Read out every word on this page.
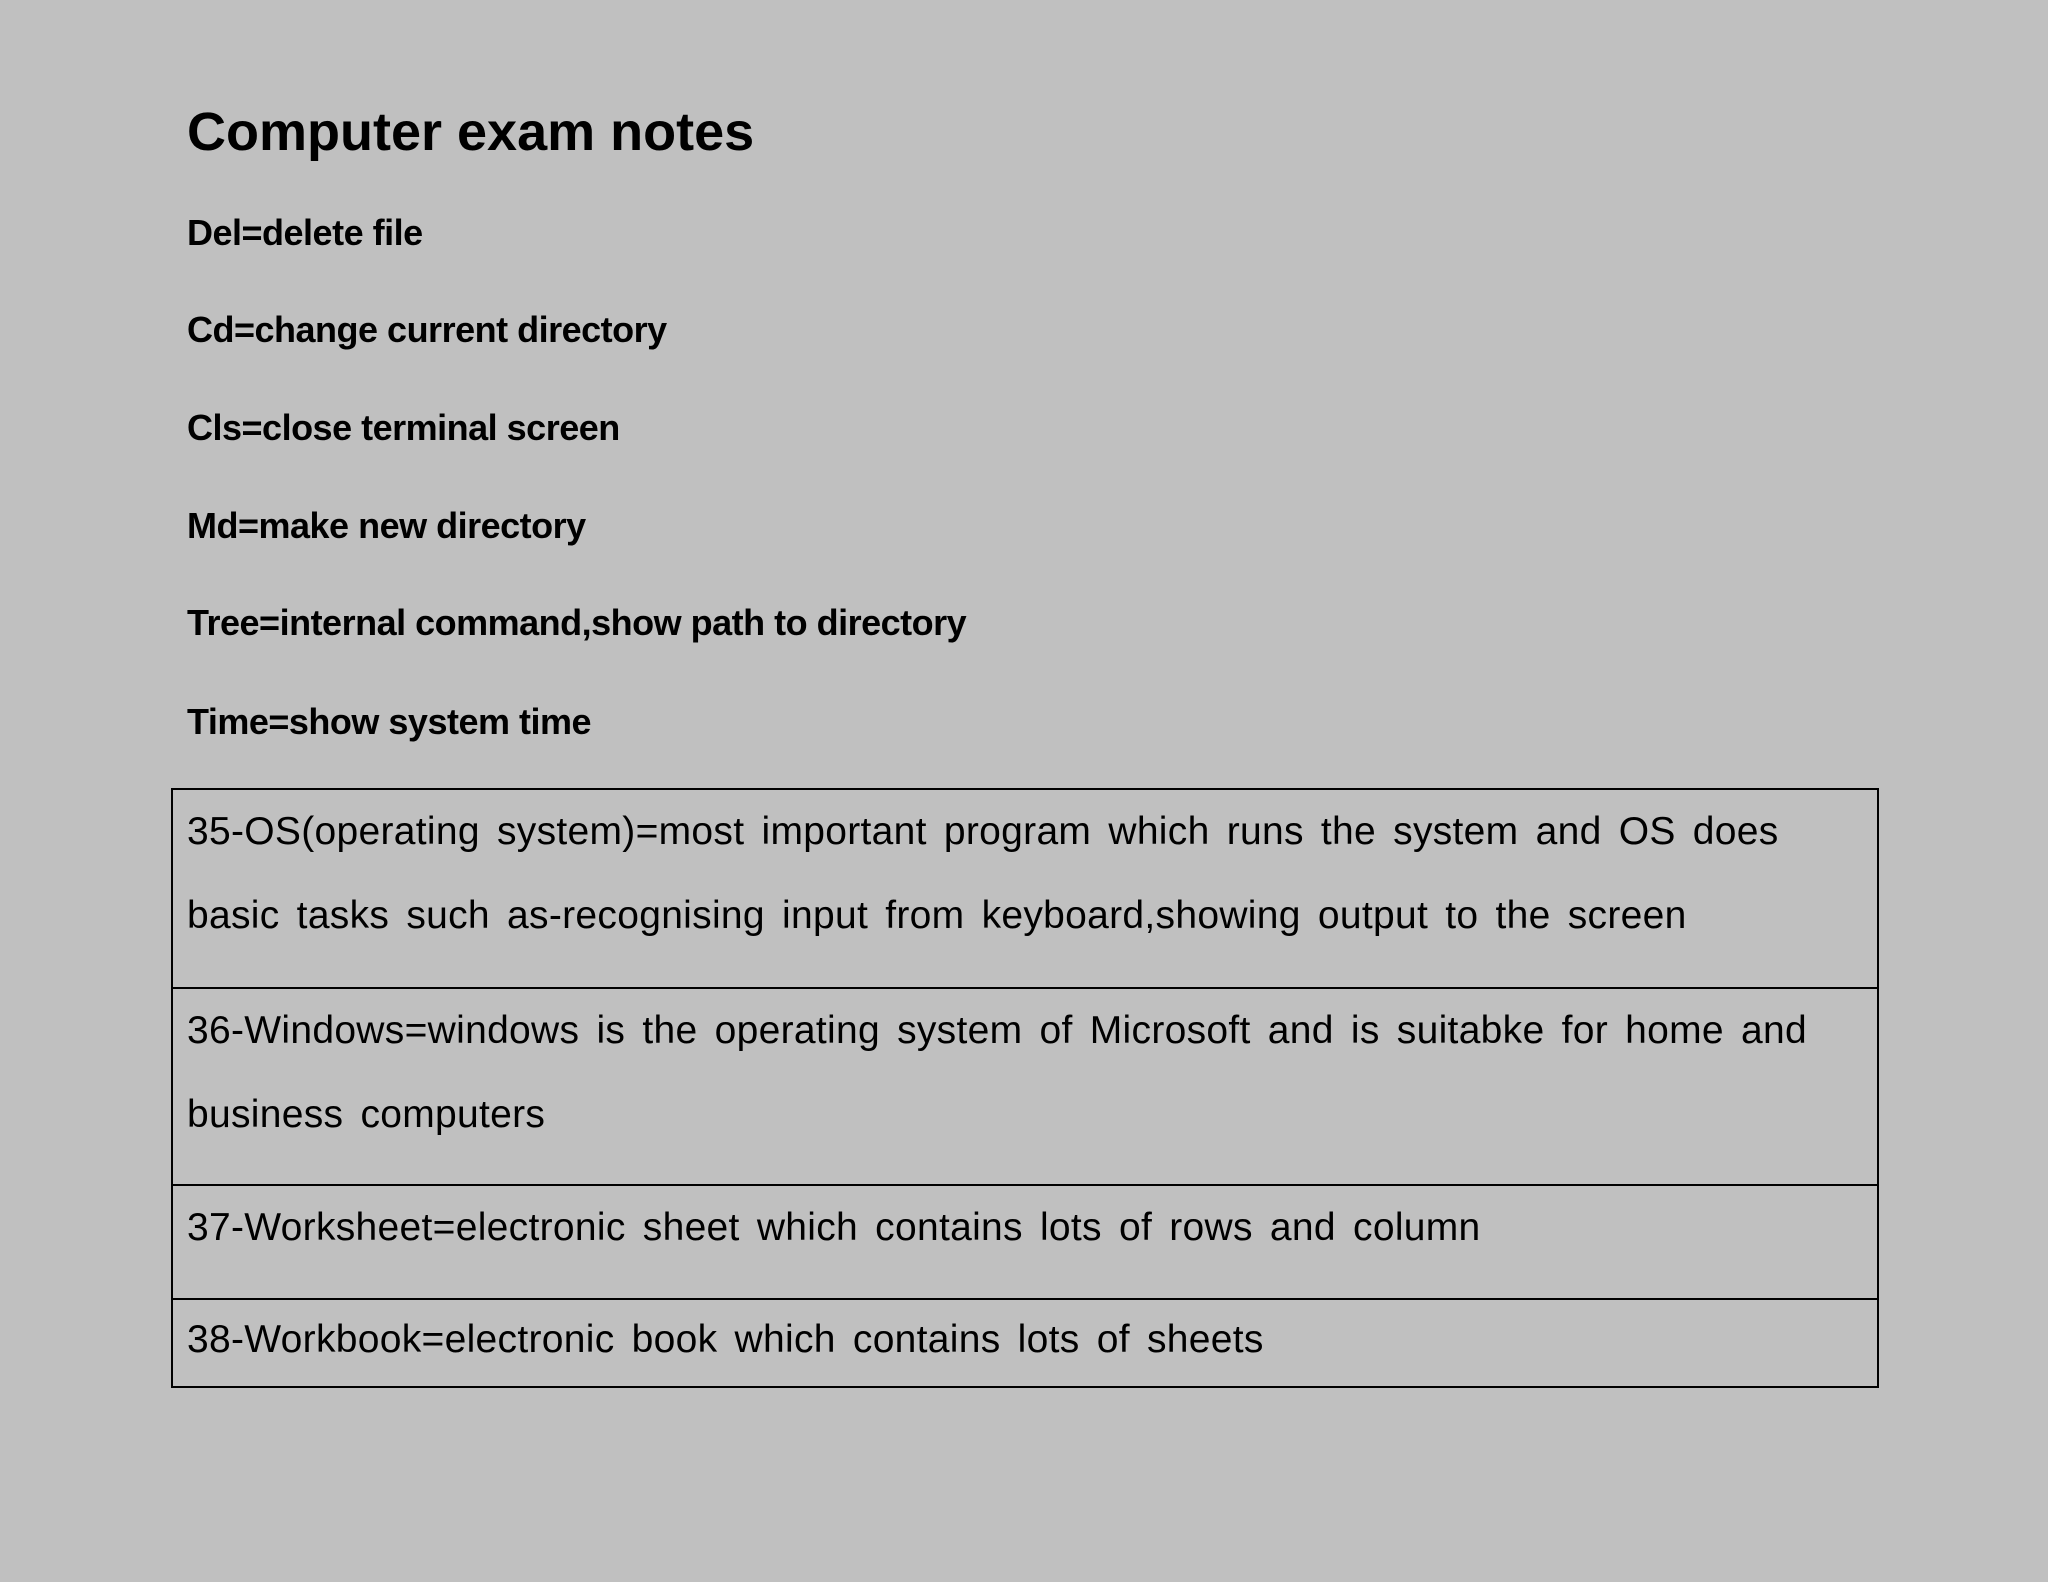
Computer exam notes
Del=delete file
Cd=change current directory
Cls=close terminal screen
Md=make new directory
Tree=internal command,show path to directory
Time=show system time
35-OS(operating system)=most important program which runs the system and OS does basic tasks such as-recognising input from keyboard,showing output to the screen
36-Windows=windows is the operating system of Microsoft and is suitabke for home and business computers
37-Worksheet=electronic sheet which contains lots of rows and column
38-Workbook=electronic book which contains lots of sheets
